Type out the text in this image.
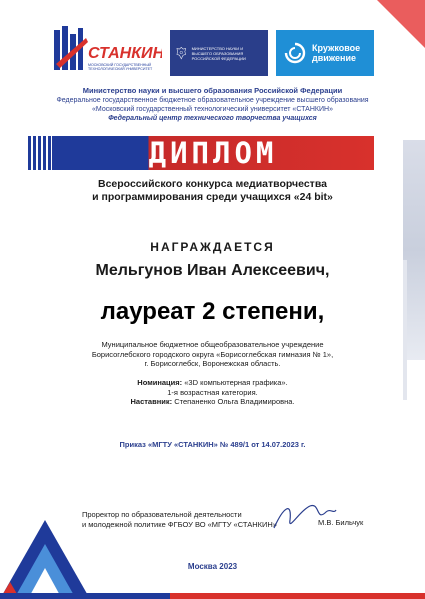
СТАНКИН
МОСКОВСКИЙ ГОСУДАРСТВЕННЫЙ
ТЕХНОЛОГИЧЕСКИЙ УНИВЕРСИТЕТ
МИНИСТЕРСТВО НАУКИ И ВЫСШЕГО ОБРАЗОВАНИЯ РОССИЙСКОЙ ФЕДЕРАЦИИ
Кружковое
движение
Министерство науки и высшего образования Российской Федерации
Федеральное государственное бюджетное образовательное учреждение высшего образования
«Московский государственный технологический университет «СТАНКИН»
Федеральный центр технического творчества учащихся
ДИПЛОМ
Всероссийского конкурса медиатворчества
и программирования среди учащихся «24 bit»
НАГРАЖДАЕТСЯ
Мельгунов Иван Алексеевич,
лауреат 2 степени,
Муниципальное бюджетное общеобразовательное учреждение
Борисоглебского городского округа «Борисоглебская гимназия № 1»,
г. Борисоглебск, Воронежская область.
Номинация: «3D компьютерная графика».
1-я возрастная категория.
Наставник: Степаненко Ольга Владимировна.
Приказ «МГТУ «СТАНКИН» № 489/1 от 14.07.2023 г.
Проректор по образовательной деятельности
и молодежной политике ФГБОУ ВО «МГТУ «СТАНКИН»	М.В. Бильчук
Москва 2023
